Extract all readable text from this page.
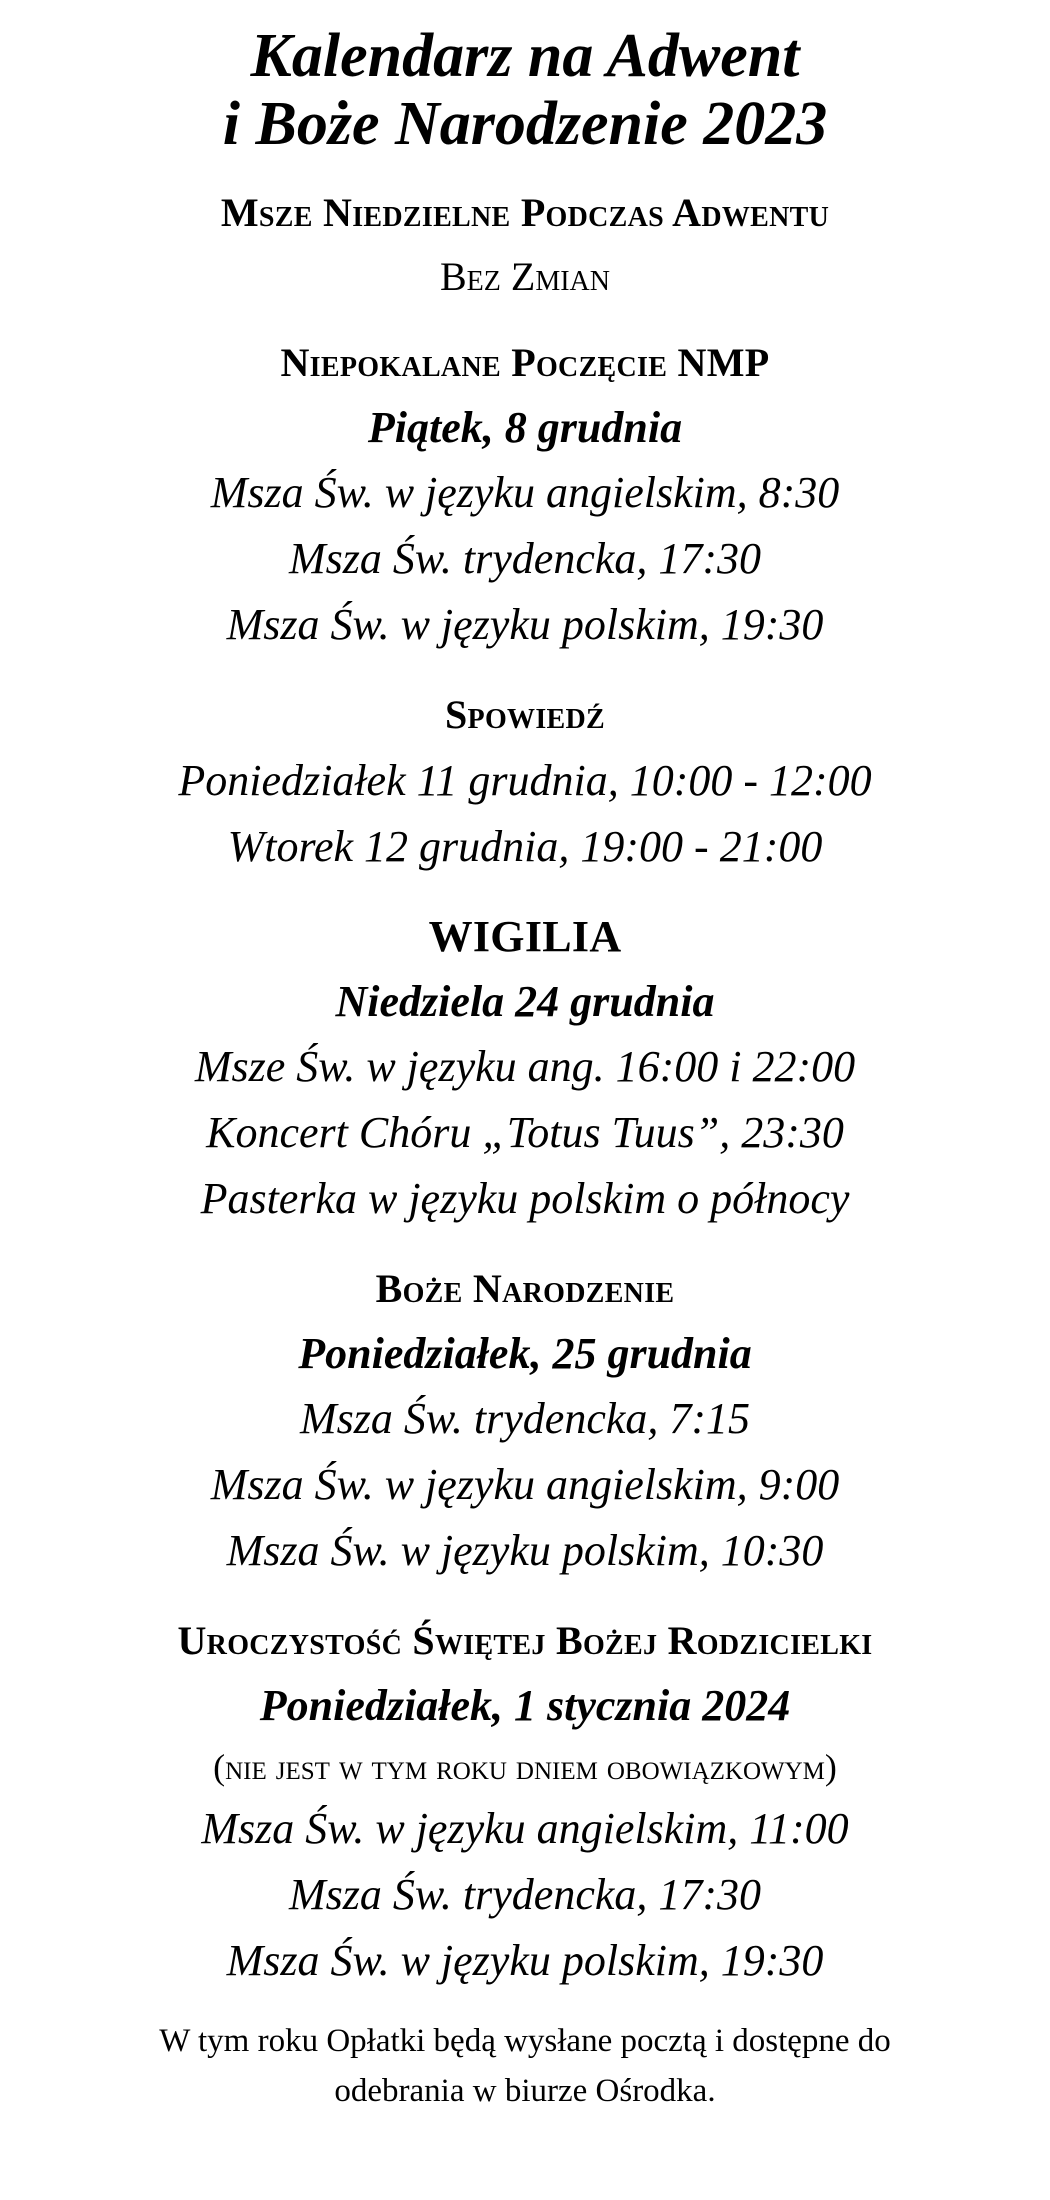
Kalendarz na Adwent
i Boże Narodzenie 2023
Msze Niedzielne Podczas Adwentu
Bez Zmian
Niepokalane Poczęcie NMP
Piątek, 8 grudnia
Msza Św. w języku angielskim, 8:30
Msza Św. trydencka, 17:30
Msza Św. w języku polskim, 19:30
Spowiedź
Poniedziałek 11 grudnia, 10:00 - 12:00
Wtorek 12 grudnia, 19:00 - 21:00
WIGILIA
Niedziela 24 grudnia
Msze Św. w języku ang. 16:00 i 22:00
Koncert Chóru „Totus Tuus”, 23:30
Pasterka w języku polskim o północy
Boże Narodzenie
Poniedziałek, 25 grudnia
Msza Św. trydencka, 7:15
Msza Św. w języku angielskim, 9:00
Msza Św. w języku polskim, 10:30
Uroczystość Świętej Bożej Rodzicielki
Poniedziałek, 1 stycznia 2024
(nie jest w tym roku dniem obowiązkowym)
Msza Św. w języku angielskim, 11:00
Msza Św. trydencka, 17:30
Msza Św. w języku polskim, 19:30
W tym roku Opłatki będą wysłane pocztą i dostępne do
odebrania w biurze Ośrodka.
